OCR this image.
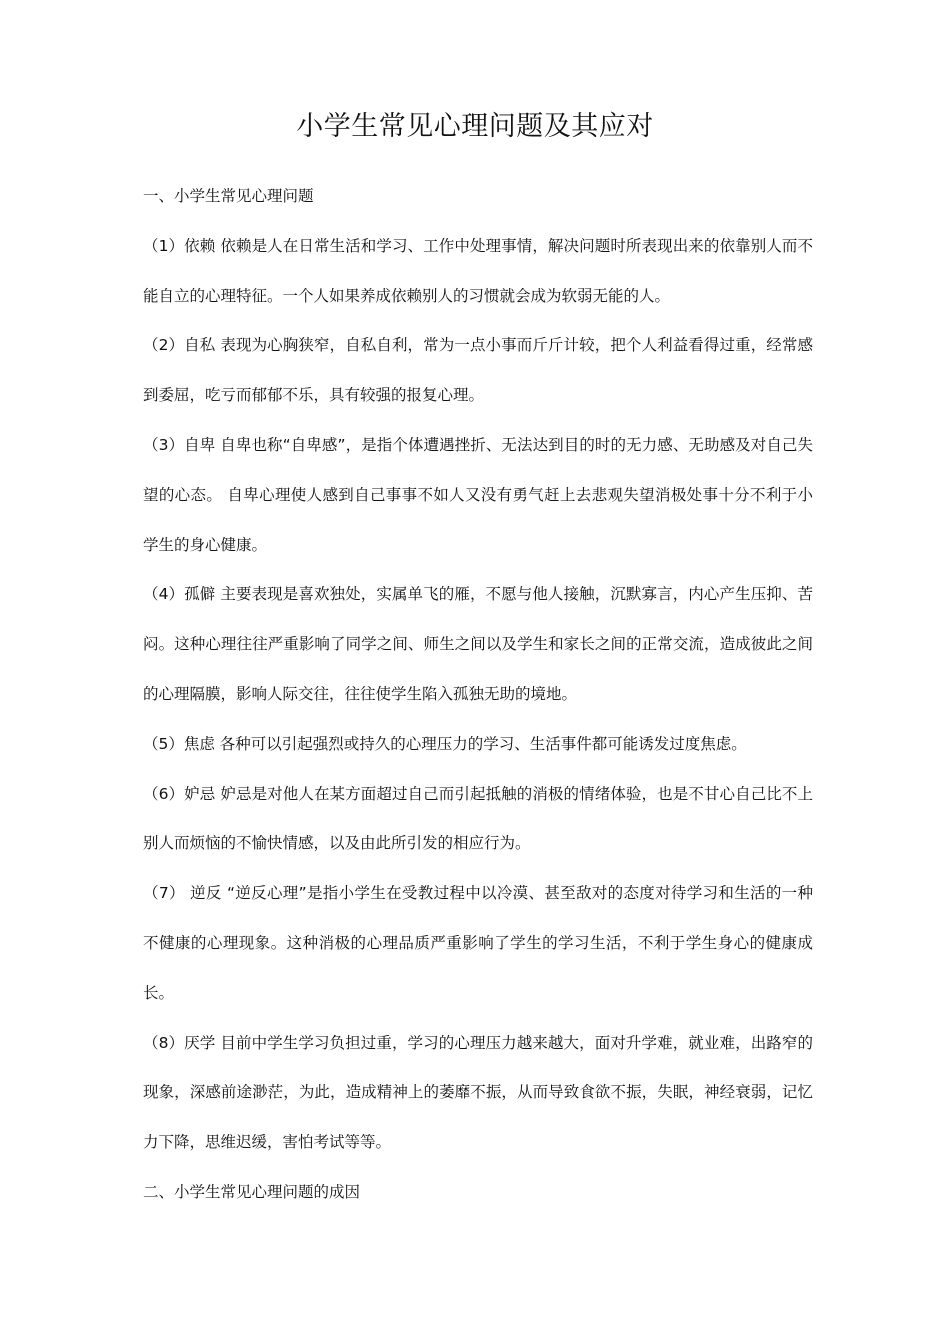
小学生常见心理问题及其应对

一、小学生常见心理问题

（1）依赖 依赖是人在日常生活和学习、工作中处理事情，解决问题时所表现出来的依靠别人而不能自立的心理特征。一个人如果养成依赖别人的习惯就会成为软弱无能的人。

（2）自私 表现为心胸狭窄，自私自利，常为一点小事而斤斤计较，把个人利益看得过重，经常感到委屈，吃亏而郁郁不乐，具有较强的报复心理。

（3）自卑 自卑也称“自卑感”，是指个体遭遇挫折、无法达到目的时的无力感、无助感及对自己失望的心态。 自卑心理使人感到自己事事不如人又没有勇气赶上去悲观失望消极处事十分不利于小学生的身心健康。

（4）孤僻 主要表现是喜欢独处，实属单飞的雁，不愿与他人接触，沉默寡言，内心产生压抑、苦闷。这种心理往往严重影响了同学之间、师生之间以及学生和家长之间的正常交流，造成彼此之间的心理隔膜，影响人际交往，往往使学生陷入孤独无助的境地。

（5）焦虑 各种可以引起强烈或持久的心理压力的学习、生活事件都可能诱发过度焦虑。

（6）妒忌 妒忌是对他人在某方面超过自己而引起抵触的消极的情绪体验，也是不甘心自己比不上别人而烦恼的不愉快情感，以及由此所引发的相应行为。

（7） 逆反 “逆反心理”是指小学生在受教过程中以冷漠、甚至敌对的态度对待学习和生活的一种不健康的心理现象。这种消极的心理品质严重影响了学生的学习生活，不利于学生身心的健康成长。

（8）厌学 目前中学生学习负担过重，学习的心理压力越来越大，面对升学难，就业难，出路窄的现象，深感前途渺茫，为此，造成精神上的萎靡不振，从而导致食欲不振，失眠，神经衰弱，记忆力下降，思维迟缓，害怕考试等等。

二、小学生常见心理问题的成因
